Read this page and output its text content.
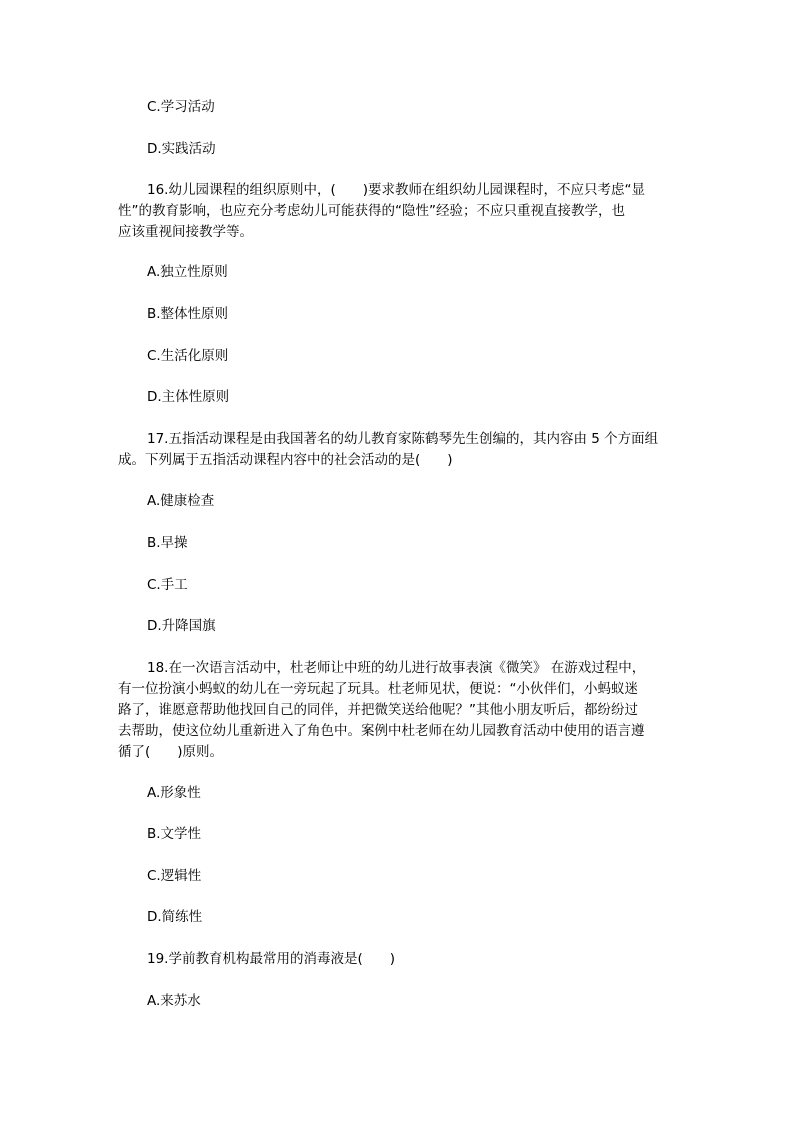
C.学习活动

D.实践活动

16.幼儿园课程的组织原则中，(　　)要求教师在组织幼儿园课程时，不应只考虑“显
性”的教育影响，也应充分考虑幼儿可能获得的“隐性”经验；不应只重视直接教学，也
应该重视间接教学等。

A.独立性原则

B.整体性原则

C.生活化原则

D.主体性原则

17.五指活动课程是由我国著名的幼儿教育家陈鹤琴先生创编的，其内容由 5 个方面组
成。下列属于五指活动课程内容中的社会活动的是(　　)

A.健康检查

B.早操

C.手工

D.升降国旗

18.在一次语言活动中，杜老师让中班的幼儿进行故事表演《微笑》 在游戏过程中，
有一位扮演小蚂蚁的幼儿在一旁玩起了玩具。杜老师见状，便说：“小伙伴们，小蚂蚁迷
路了，谁愿意帮助他找回自己的同伴，并把微笑送给他呢？”其他小朋友听后，都纷纷过
去帮助，使这位幼儿重新进入了角色中。案例中杜老师在幼儿园教育活动中使用的语言遵
循了(　　)原则。

A.形象性

B.文学性

C.逻辑性

D.简练性

19.学前教育机构最常用的消毒液是(　　)

A.来苏水
